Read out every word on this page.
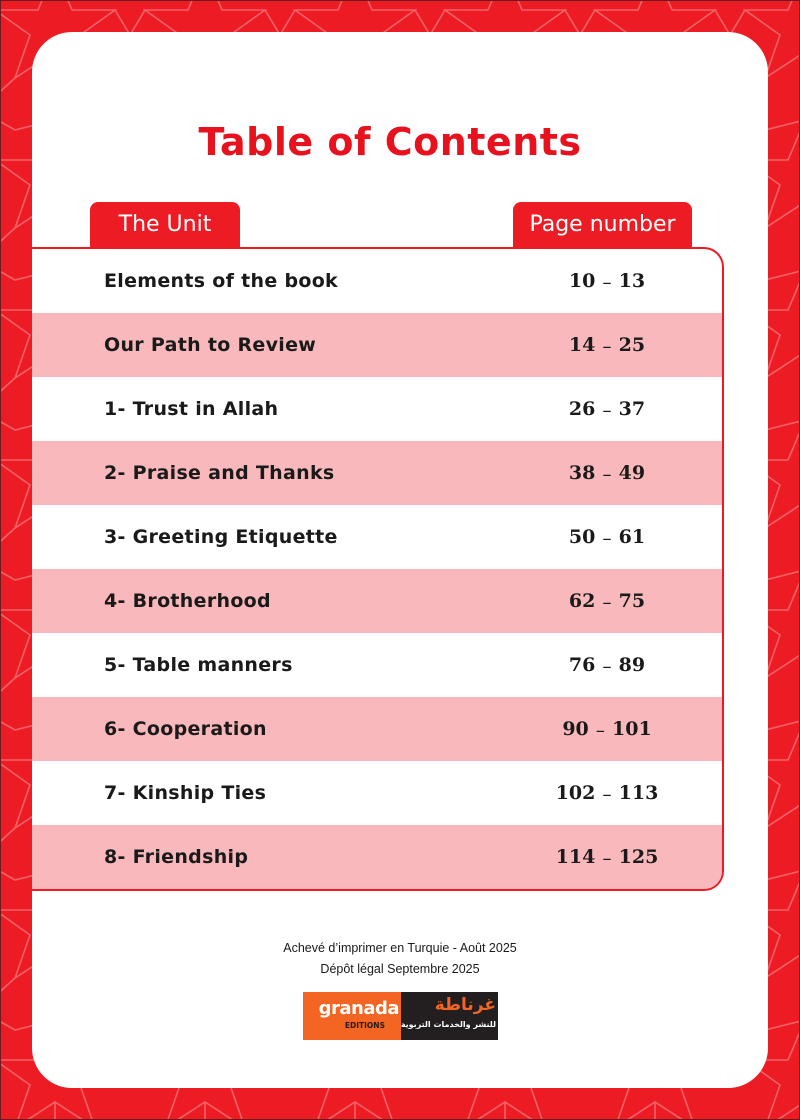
Table of Contents
The Unit	Page number
Elements of the book	10 ₋ 13
Our Path to Review	14 ₋ 25
1- Trust in Allah	26 ₋ 37
2- Praise and Thanks	38 ₋ 49
3- Greeting Etiquette	50 ₋ 61
4- Brotherhood	62 ₋ 75
5- Table manners	76 ₋ 89
6- Cooperation	90 ₋ 101
7- Kinship Ties	102 ₋ 113
8- Friendship	114 ₋ 125
Achevé d’imprimer en Turquie - Août 2025
Dépôt légal Septembre 2025
granada
EDITIONS
غرناطة
للنشر والخدمات التربوية
